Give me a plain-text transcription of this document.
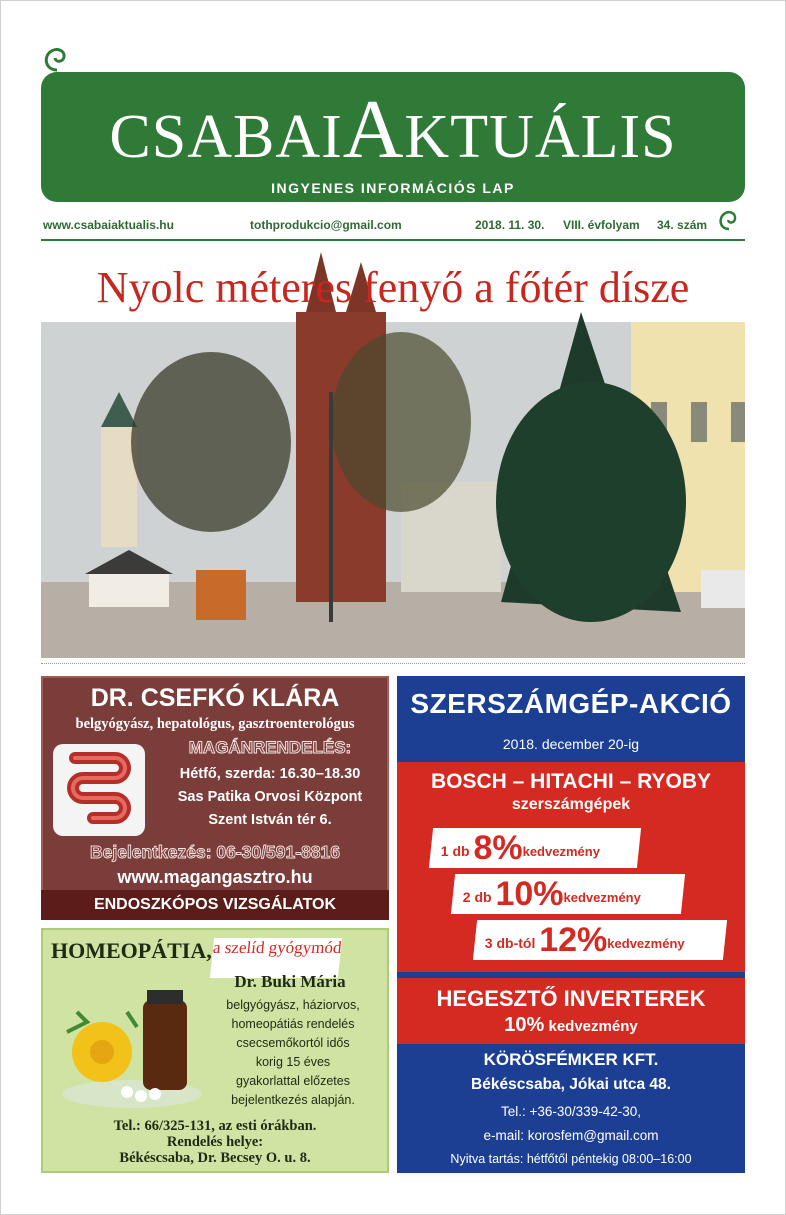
CSABAIAKTUÁLIS
INGYENES INFORMÁCIÓS LAP
www.csabaiaktualis.hu	tothprodukcio@gmail.com	2018. 11. 30. VIII. évfolyam 34. szám
Nyolc méteres fenyő a főtér dísze
DR. CSEFKÓ KLÁRA
belgyógyász, hepatológus, gasztroenterológus
MAGÁNRENDELÉS:
Hétfő, szerda: 16.30–18.30
Sas Patika Orvosi Központ
Szent István tér 6.
Bejelentkezés: 06-30/591-8816
www.magangasztro.hu
ENDOSZKÓPOS VIZSGÁLATOK
HOMEOPÁTIA, a szelíd gyógymód
Dr. Buki Mária
belgyógyász, háziorvos,
homeopátiás rendelés
csecsemőkortól idős
korig 15 éves
gyakorlattal előzetes
bejelentkezés alapján.
Tel.: 66/325-131, az esti órákban.
Rendelés helye:
Békéscsaba, Dr. Becsey O. u. 8.
SZERSZÁMGÉP-AKCIÓ
2018. december 20-ig
BOSCH – HITACHI – RYOBY
szerszámgépek
1 db 8%kedvezmény
2 db 10%kedvezmény
3 db-tól 12%kedvezmény
HEGESZTŐ INVERTEREK
10% kedvezmény
KÖRÖSFÉMKER KFT.
Békéscsaba, Jókai utca 48.
Tel.: +36-30/339-42-30,
e-mail: korosfem@gmail.com
Nyitva tartás: hétfőtől péntekig 08:00–16:00
